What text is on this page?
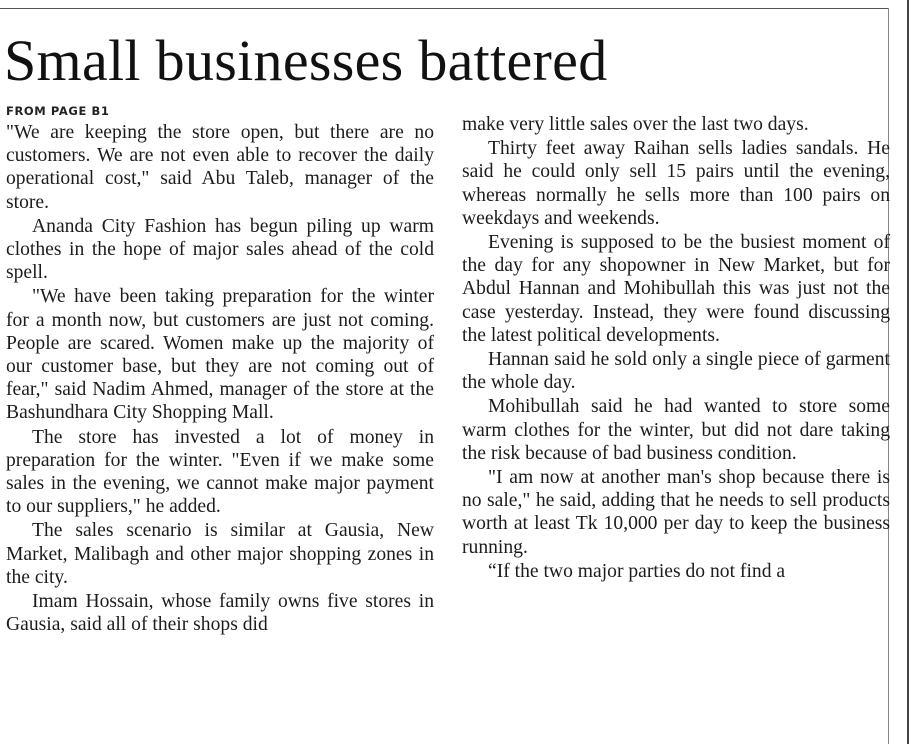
Small businesses battered
FROM PAGE B1

"We are keeping the store open, but there are no customers. We are not even able to recover the daily operational cost," said Abu Taleb, manager of the store.

Ananda City Fashion has begun piling up warm clothes in the hope of major sales ahead of the cold spell.

"We have been taking preparation for the winter for a month now, but customers are just not coming. People are scared. Women make up the majority of our customer base, but they are not coming out of fear," said Nadim Ahmed, manager of the store at the Bashundhara City Shopping Mall.

The store has invested a lot of money in preparation for the winter. "Even if we make some sales in the evening, we cannot make major payment to our suppliers," he added.

The sales scenario is similar at Gausia, New Market, Malibagh and other major shopping zones in the city.

Imam Hossain, whose family owns five stores in Gausia, said all of their shops did

make very little sales over the last two days.

Thirty feet away Raihan sells ladies sandals. He said he could only sell 15 pairs until the evening, whereas normally he sells more than 100 pairs on weekdays and weekends.

Evening is supposed to be the busiest moment of the day for any shopowner in New Market, but for Abdul Hannan and Mohibullah this was just not the case yesterday. Instead, they were found discussing the latest political developments.

Hannan said he sold only a single piece of garment the whole day.

Mohibullah said he had wanted to store some warm clothes for the winter, but did not dare taking the risk because of bad business condition.

"I am now at another man's shop because there is no sale," he said, adding that he needs to sell products worth at least Tk 10,000 per day to keep the business running.

“If the two major parties do not find a
